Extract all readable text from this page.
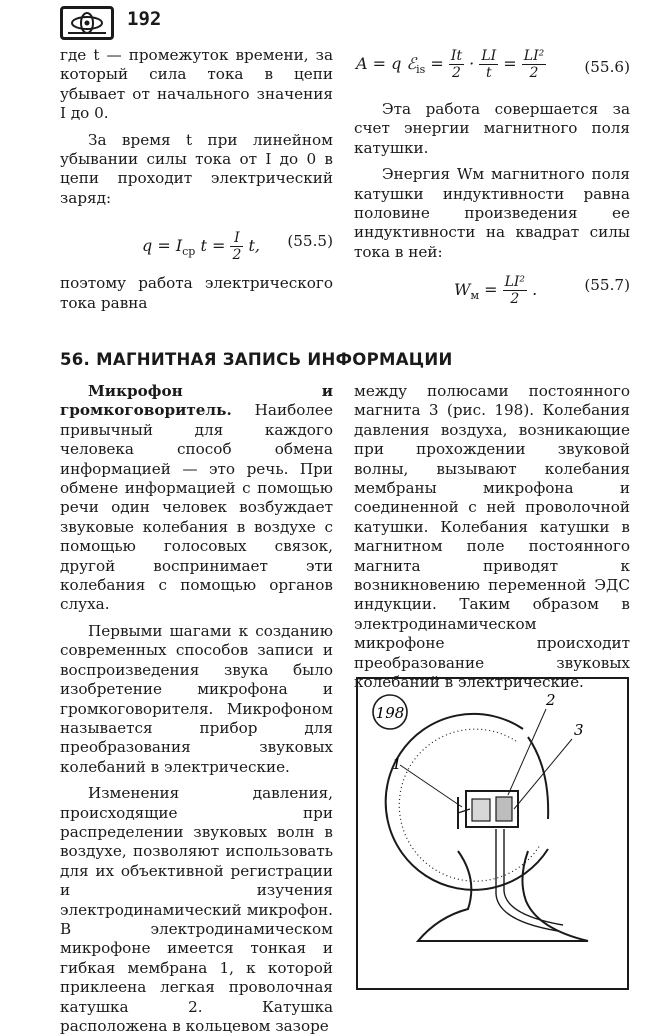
192

где t — промежуток времени, за который сила тока в цепи убывает от начального значения I до 0.

За время t при линейном убывании силы тока от I до 0 в цепи проходит электрический заряд:

$q = I_{ср}$ $t = \frac{I}{2} t$, (55.5)

поэтому работа электрического тока равна

A = q ℰ$_{is}$ = $\frac{It}{2} \cdot \frac{LI}{t} = \frac{\text{LI²}}{2}$	(55.6)

Эта работа совершается за счет энергии магнитного поля катушки.

Энергия Wм магнитного поля катушки индуктивности равна половине произведения ее индуктивности на квадрат силы тока в ней:

$W_м = \frac{\text{LI²}}{2}$ .	(55.7)
56. МАГНИТНАЯ ЗАПИСЬ ИНФОРМАЦИИ

Микрофон и громкоговоритель. Наиболее привычный для каждого человека способ обмена информацией — это речь. При обмене информацией с помощью речи один человек возбуждает звуковые колебания в воздухе с помощью голосовых связок, другой воспринимает эти колебания с помощью органов слуха.

Первыми шагами к созданию современных способов записи и воспроизведения звука было изобретение микрофона и громкоговорителя. Микрофоном называется прибор для преобразования звуковых колебаний в электрические.

Изменения давления, происходящие при распределении звуковых волн в воздухе, позволяют использовать для их объективной регистрации и изучения электродинамический микрофон. В электродинамическом микрофоне имеется тонкая и гибкая мембрана 1, к которой приклеена легкая проволочная катушка 2. Катушка расположена в кольцевом зазоре

между полюсами постоянного магнита 3 (рис. 198). Колебания давления воздуха, возникающие при прохождении звуковой волны, вызывают колебания мембраны микрофона и соединенной с ней проволочной катушки. Колебания катушки в магнитном поле постоянного магнита приводят к возникновению переменной ЭДС индукции. Таким образом в электродинамическом микрофоне происходит преобразование звуковых колебаний в электрические.

198
1
2
3
